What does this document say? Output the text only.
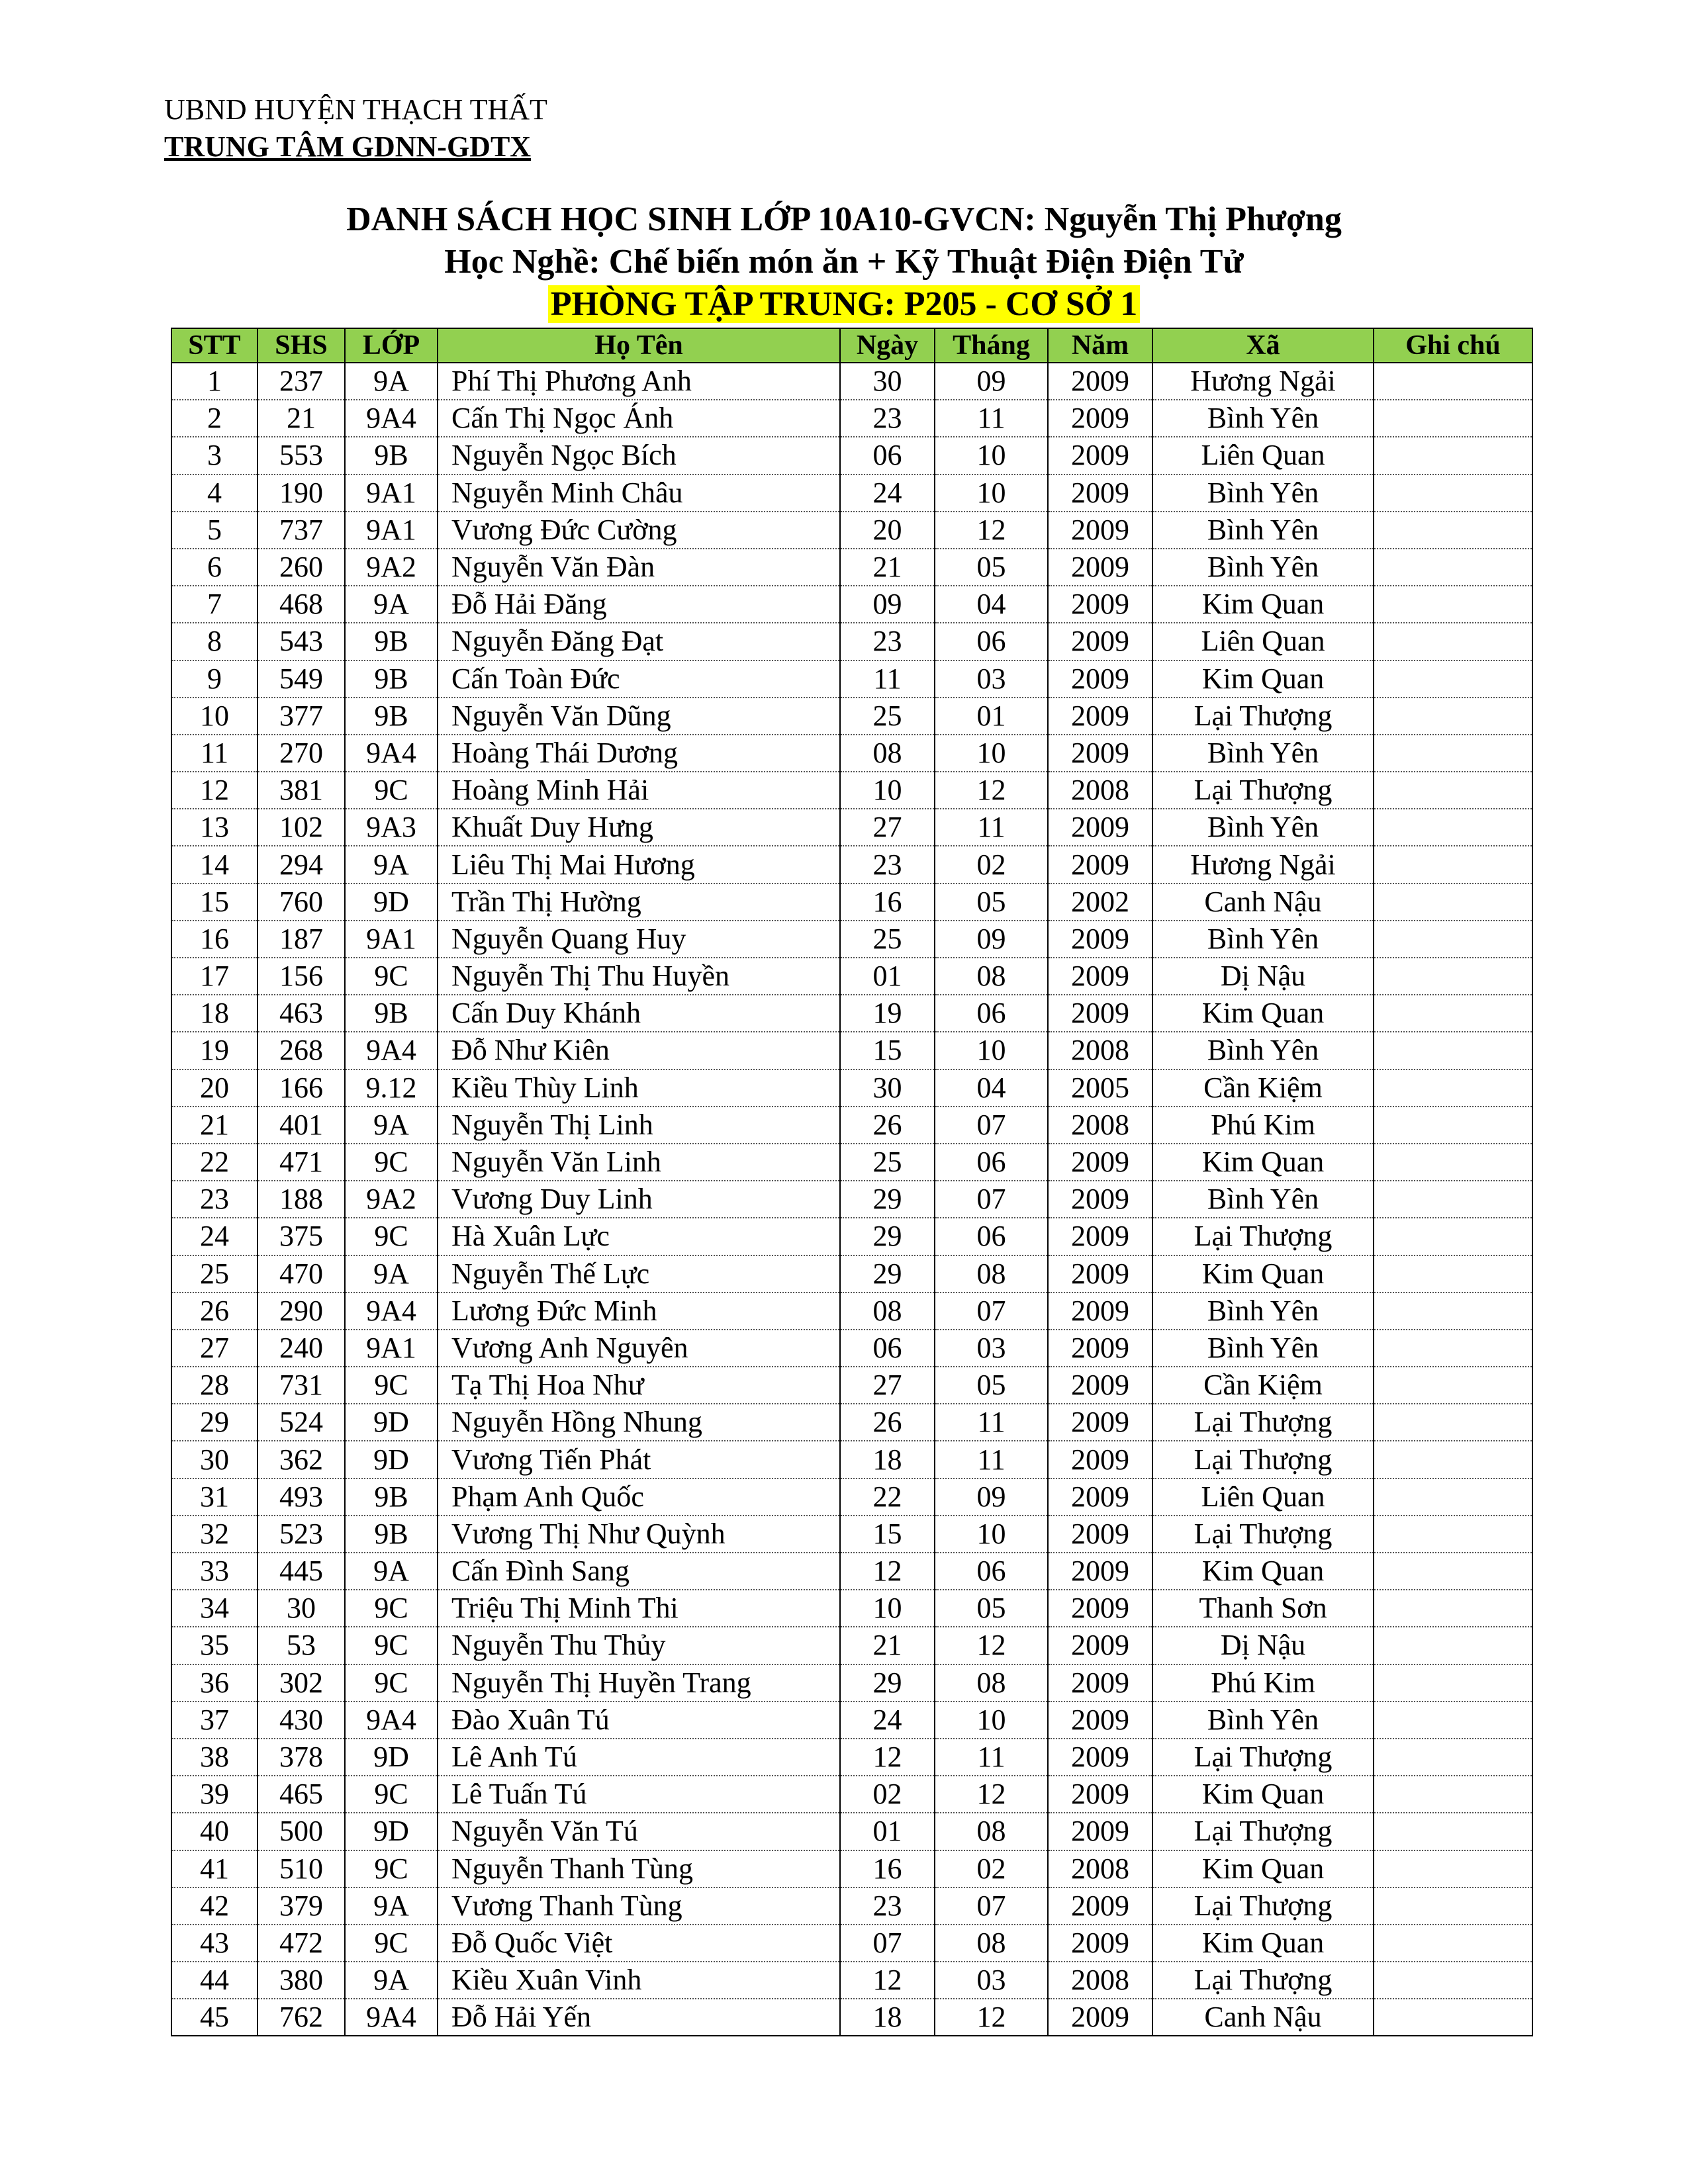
UBND HUYỆN THẠCH THẤT
TRUNG TÂM GDNN-GDTX
DANH SÁCH HỌC SINH LỚP 10A10-GVCN: Nguyễn Thị Phượng
Học Nghề: Chế biến món ăn + Kỹ Thuật Điện Điện Tử
PHÒNG TẬP TRUNG: P205 - CƠ SỞ 1
STT	SHS	LỚP	Họ Tên	Ngày	Tháng	Năm	Xã	Ghi chú
1	237	9A	Phí Thị Phương Anh	30	09	2009	Hương Ngải	
2	21	9A4	Cấn Thị Ngọc Ánh	23	11	2009	Bình Yên	
3	553	9B	Nguyễn Ngọc Bích	06	10	2009	Liên Quan	
4	190	9A1	Nguyễn Minh Châu	24	10	2009	Bình Yên	
5	737	9A1	Vương Đức Cường	20	12	2009	Bình Yên	
6	260	9A2	Nguyễn Văn Đàn	21	05	2009	Bình Yên	
7	468	9A	Đỗ Hải Đăng	09	04	2009	Kim Quan	
8	543	9B	Nguyễn Đăng Đạt	23	06	2009	Liên Quan	
9	549	9B	Cấn Toàn Đức	11	03	2009	Kim Quan	
10	377	9B	Nguyễn Văn Dũng	25	01	2009	Lại Thượng	
11	270	9A4	Hoàng Thái Dương	08	10	2009	Bình Yên	
12	381	9C	Hoàng Minh Hải	10	12	2008	Lại Thượng	
13	102	9A3	Khuất Duy Hưng	27	11	2009	Bình Yên	
14	294	9A	Liêu Thị Mai Hương	23	02	2009	Hương Ngải	
15	760	9D	Trần Thị Hường	16	05	2002	Canh Nậu	
16	187	9A1	Nguyễn Quang Huy	25	09	2009	Bình Yên	
17	156	9C	Nguyễn Thị Thu Huyền	01	08	2009	Dị Nậu	
18	463	9B	Cấn Duy Khánh	19	06	2009	Kim Quan	
19	268	9A4	Đỗ Như Kiên	15	10	2008	Bình Yên	
20	166	9.12	Kiều Thùy Linh	30	04	2005	Cần Kiệm	
21	401	9A	Nguyễn Thị Linh	26	07	2008	Phú Kim	
22	471	9C	Nguyễn Văn Linh	25	06	2009	Kim Quan	
23	188	9A2	Vương Duy Linh	29	07	2009	Bình Yên	
24	375	9C	Hà Xuân Lực	29	06	2009	Lại Thượng	
25	470	9A	Nguyễn Thế Lực	29	08	2009	Kim Quan	
26	290	9A4	Lương Đức Minh	08	07	2009	Bình Yên	
27	240	9A1	Vương Anh Nguyên	06	03	2009	Bình Yên	
28	731	9C	Tạ Thị Hoa Như	27	05	2009	Cần Kiệm	
29	524	9D	Nguyễn Hồng Nhung	26	11	2009	Lại Thượng	
30	362	9D	Vương Tiến Phát	18	11	2009	Lại Thượng	
31	493	9B	Phạm Anh Quốc	22	09	2009	Liên Quan	
32	523	9B	Vương Thị Như Quỳnh	15	10	2009	Lại Thượng	
33	445	9A	Cấn Đình Sang	12	06	2009	Kim Quan	
34	30	9C	Triệu Thị Minh Thi	10	05	2009	Thanh Sơn	
35	53	9C	Nguyễn Thu Thủy	21	12	2009	Dị Nậu	
36	302	9C	Nguyễn Thị Huyền Trang	29	08	2009	Phú Kim	
37	430	9A4	Đào Xuân Tú	24	10	2009	Bình Yên	
38	378	9D	Lê Anh Tú	12	11	2009	Lại Thượng	
39	465	9C	Lê Tuấn Tú	02	12	2009	Kim Quan	
40	500	9D	Nguyễn Văn Tú	01	08	2009	Lại Thượng	
41	510	9C	Nguyễn Thanh Tùng	16	02	2008	Kim Quan	
42	379	9A	Vương Thanh Tùng	23	07	2009	Lại Thượng	
43	472	9C	Đỗ Quốc Việt	07	08	2009	Kim Quan	
44	380	9A	Kiều Xuân Vinh	12	03	2008	Lại Thượng	
45	762	9A4	Đỗ Hải Yến	18	12	2009	Canh Nậu	
